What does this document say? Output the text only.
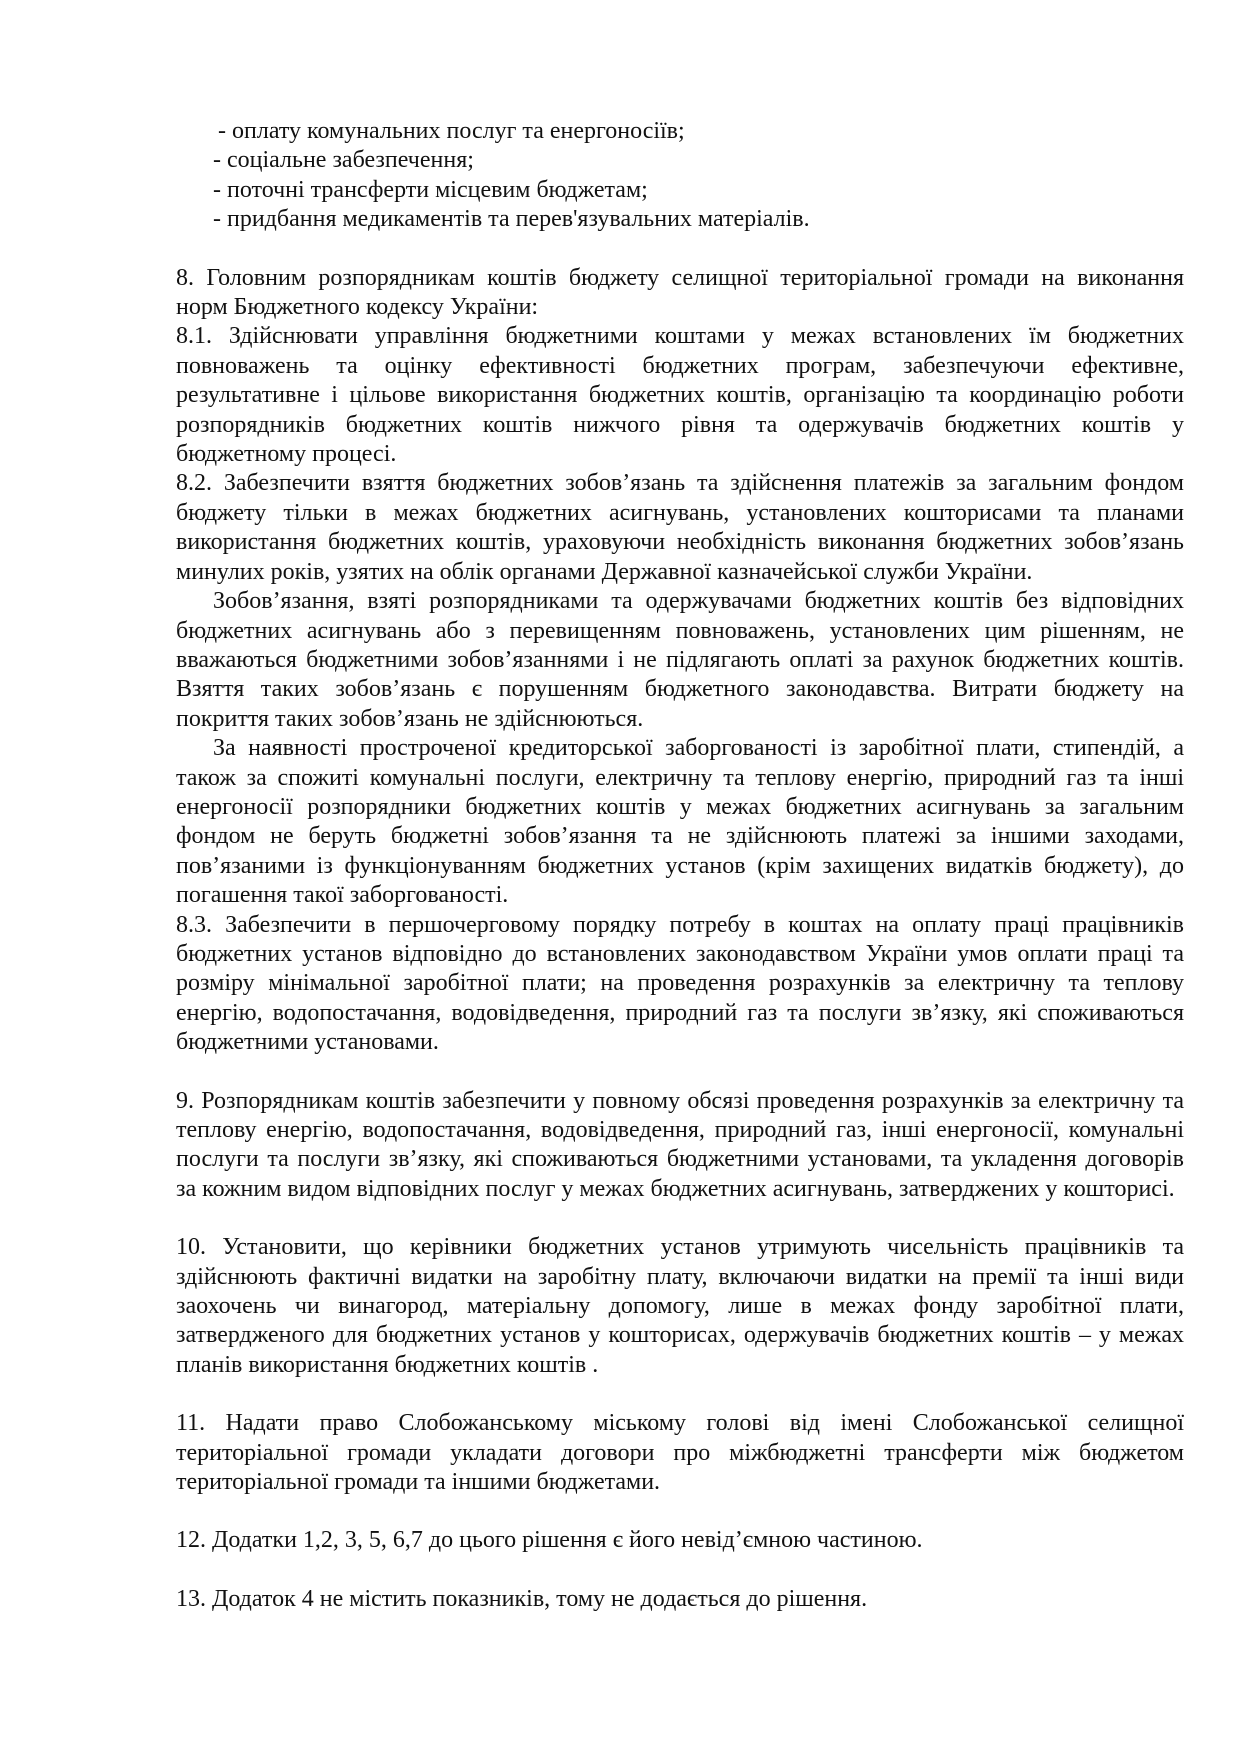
- оплату комунальних послуг та енергоносіїв;
- соціальне забезпечення;
- поточні трансферти місцевим бюджетам;
- придбання медикаментів та перев'язувальних матеріалів.

8. Головним розпорядникам коштів бюджету селищної територіальної громади на виконання норм Бюджетного кодексу України:

8.1. Здійснювати управління бюджетними коштами у межах встановлених їм бюджетних повноважень та оцінку ефективності бюджетних програм, забезпечуючи ефективне, результативне і цільове використання бюджетних коштів, організацію та координацію роботи розпорядників бюджетних коштів нижчого рівня та одержувачів бюджетних коштів у бюджетному процесі.

8.2. Забезпечити взяття бюджетних зобов’язань та здійснення платежів за загальним фондом бюджету тільки в межах бюджетних асигнувань, установлених кошторисами та планами використання бюджетних коштів, ураховуючи необхідність виконання бюджетних зобов’язань минулих років, узятих на облік органами Державної казначейської служби України.

Зобов’язання, взяті розпорядниками та одержувачами бюджетних коштів без відповідних бюджетних асигнувань або з перевищенням повноважень, установлених цим рішенням, не вважаються бюджетними зобов’язаннями і не підлягають оплаті за рахунок бюджетних коштів. Взяття таких зобов’язань є порушенням бюджетного законодавства. Витрати бюджету на покриття таких зобов’язань не здійснюються.

За наявності простроченої кредиторської заборгованості із заробітної плати, стипендій, а також за спожиті комунальні послуги, електричну та теплову енергію, природний газ та інші енергоносії розпорядники бюджетних коштів у межах бюджетних асигнувань за загальним фондом не беруть бюджетні зобов’язання та не здійснюють платежі за іншими заходами, пов’язаними із функціонуванням бюджетних установ (крім захищених видатків бюджету), до погашення такої заборгованості.

8.3. Забезпечити в першочерговому порядку потребу в коштах на оплату праці працівників бюджетних установ відповідно до встановлених законодавством України умов оплати праці та розміру мінімальної заробітної плати; на проведення розрахунків за електричну та теплову енергію, водопостачання, водовідведення, природний газ та послуги зв’язку, які споживаються бюджетними установами.

9. Розпорядникам коштів забезпечити у повному обсязі проведення розрахунків за електричну та теплову енергію, водопостачання, водовідведення, природний газ, інші енергоносії, комунальні послуги та послуги зв’язку, які споживаються бюджетними установами, та укладення договорів за кожним видом відповідних послуг у межах бюджетних асигнувань, затверджених у кошторисі.

10. Установити, що керівники бюджетних установ утримують чисельність працівників та здійснюють фактичні видатки на заробітну плату, включаючи видатки на премії та інші види заохочень чи винагород, матеріальну допомогу, лише в межах фонду заробітної плати, затвердженого для бюджетних установ у кошторисах, одержувачів бюджетних коштів – у межах планів використання бюджетних коштів .

11. Надати право Слобожанському міському голові від імені Слобожанської селищної територіальної громади укладати договори про міжбюджетні трансферти між бюджетом територіальної громади та іншими бюджетами.

12. Додатки 1,2, 3, 5, 6,7 до цього рішення є його невід’ємною частиною.

13. Додаток 4 не містить показників, тому не додається до рішення.
